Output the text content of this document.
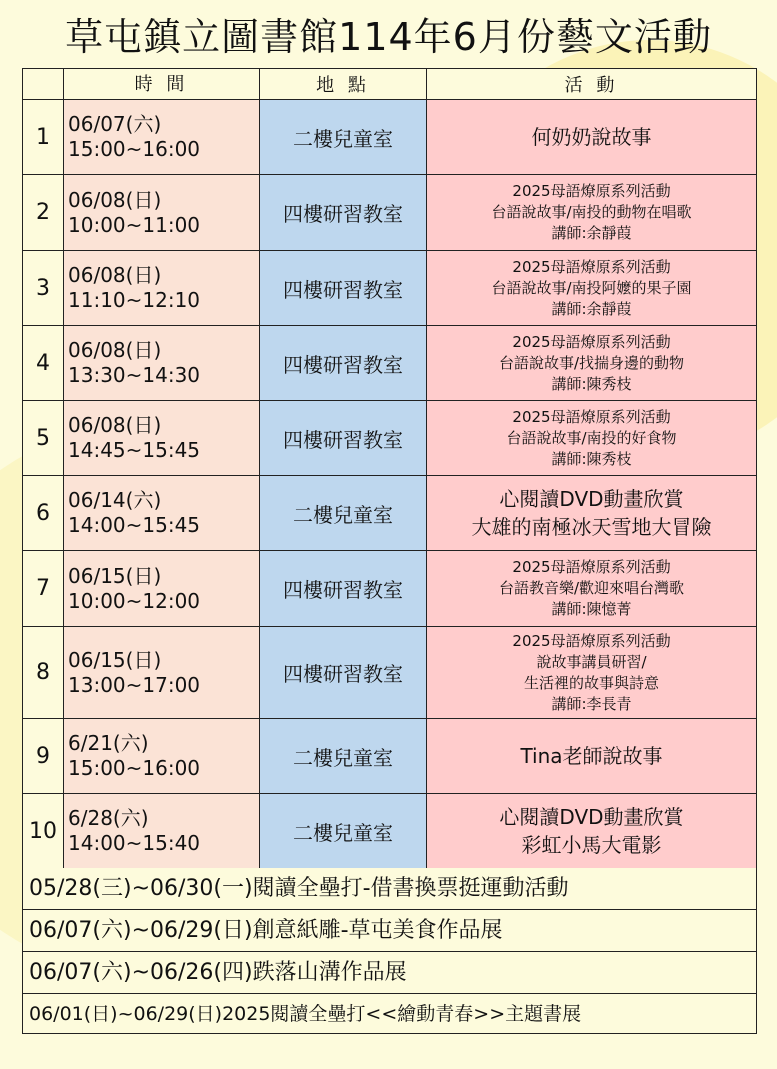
草屯鎮立圖書館114年6月份藝文活動
	時 間	地 點	活 動
1	06/07(六)
15:00~16:00	二樓兒童室	何奶奶說故事

2	06/08(日)
10:00~11:00	四樓研習教室	2025母語燎原系列活動
台語說故事/南投的動物在唱歌
講師:余靜葭

3	06/08(日)
11:10~12:10	四樓研習教室	2025母語燎原系列活動
台語說故事/南投阿嬤的果子園
講師:余靜葭

4	06/08(日)
13:30~14:30	四樓研習教室	2025母語燎原系列活動
台語說故事/找揣身邊的動物
講師:陳秀枝

5	06/08(日)
14:45~15:45	四樓研習教室	2025母語燎原系列活動
台語說故事/南投的好食物
講師:陳秀枝

6	06/14(六)
14:00~15:45	二樓兒童室	心閱讀DVD動畫欣賞
大雄的南極冰天雪地大冒險

7	06/15(日)
10:00~12:00	四樓研習教室	2025母語燎原系列活動
台語教音樂/歡迎來唱台灣歌
講師:陳憶菁

8	06/15(日)
13:00~17:00	四樓研習教室	2025母語燎原系列活動
說故事講員研習/
生活裡的故事與詩意
講師:李長青

9	6/21(六)
15:00~16:00	二樓兒童室	Tina老師說故事

10	6/28(六)
14:00~15:40	二樓兒童室	心閱讀DVD動畫欣賞
彩虹小馬大電影
05/28(三)~06/30(一)閱讀全壘打-借書換票挺運動活動
06/07(六)~06/29(日)創意紙雕-草屯美食作品展
06/07(六)~06/26(四)跌落山溝作品展
06/01(日)~06/29(日)2025閱讀全壘打<<繪動青春>>主題書展
